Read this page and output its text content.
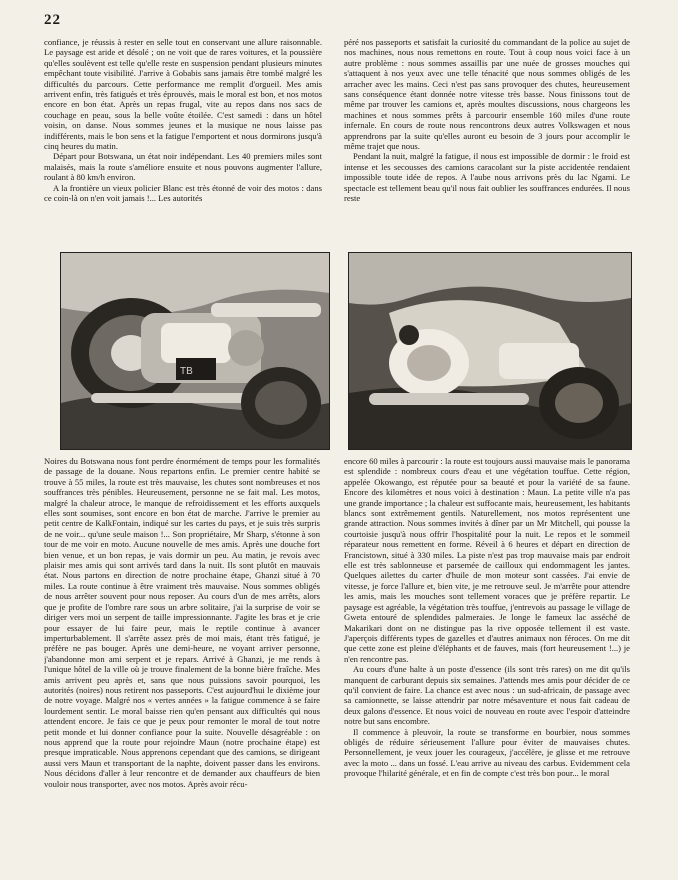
22

confiance, je réussis à rester en selle tout en conservant une allure raisonnable. Le paysage est aride et désolé ; on ne voit que de rares voitures, et la poussière qu'elles soulèvent est telle qu'elle reste en suspension pendant plusieurs minutes empêchant toute visibilité. J'arrive à Gobabis sans jamais être tombé malgré les difficultés du parcours. Cette performance me remplit d'orgueil. Mes amis arrivent enfin, très fatigués et très éprouvés, mais le moral est bon, et nos motos encore en bon état. Après un repas frugal, vite au repos dans nos sacs de couchage en peau, sous la belle voûte étoilée. C'est samedi : dans un hôtel voisin, on danse. Nous sommes jeunes et la musique ne nous laisse pas indifférents, mais le bon sens et la fatigue l'emportent et nous dormirons jusqu'à cinq heures du matin.

Départ pour Botswana, un état noir indépendant. Les 40 premiers miles sont malaisés, mais la route s'améliore ensuite et nous pouvons augmenter l'allure, roulant à 80 km/h environ.

A la frontière un vieux policier Blanc est très étonné de voir des motos : dans ce coin-là on n'en voit jamais !... Les autorités

péré nos passeports et satisfait la curiosité du commandant de la police au sujet de nos machines, nous nous remettons en route. Tout à coup nous voici face à un autre problème : nous sommes assaillis par une nuée de grosses mouches qui s'attaquent à nos yeux avec une telle ténacité que nous sommes obligés de les arracher avec les mains. Ceci n'est pas sans provoquer des chutes, heureusement sans conséquence étant donnée notre vitesse très basse. Nous finissons tout de même par trouver les camions et, après moultes discussions, nous chargeons les machines et nous sommes prêts à parcourir ensemble 160 miles d'une route infernale. En cours de route nous rencontrons deux autres Volkswagen et nous apprendrons par la suite qu'elles auront eu besoin de 3 jours pour accomplir le même trajet que nous.

Pendant la nuit, malgré la fatigue, il nous est impossible de dormir : le froid est intense et les secousses des camions caracolant sur la piste accidentée rendaient impossible toute idée de repos. A l'aube nous arrivons près du lac Ngami. Le spectacle est tellement beau qu'il nous fait oublier les souffrances endurées. Il nous reste

TB

Noires du Botswana nous font perdre énormément de temps pour les formalités de passage de la douane. Nous repartons enfin. Le premier centre habité se trouve à 55 miles, la route est très mauvaise, les chutes sont nombreuses et nos souffrances très pénibles. Heureusement, personne ne se fait mal. Les motos, malgré la chaleur atroce, le manque de refroidissement et les efforts auxquels elles sont soumises, sont encore en bon état de marche. J'arrive le premier au petit centre de KalkFontain, indiqué sur les cartes du pays, et je suis très surpris de ne voir... qu'une seule maison !... Son propriétaire, Mr Sharp, s'étonne à son tour de me voir en moto. Aucune nouvelle de mes amis. Après une douche fort bien venue, et un bon repas, je vais dormir un peu. Au matin, je revois avec plaisir mes amis qui sont arrivés tard dans la nuit. Ils sont plutôt en mauvais état. Nous partons en direction de notre prochaine étape, Ghanzi situé à 70 miles. La route continue à être vraiment très mauvaise. Nous sommes obligés de nous arrêter souvent pour nous reposer. Au cours d'un de mes arrêts, alors que je profite de l'ombre rare sous un arbre solitaire, j'ai la surprise de voir se diriger vers moi un serpent de taille impressionnante. J'agite les bras et je crie pour essayer de lui faire peur, mais le reptile continue à avancer imperturbablement. Il s'arrête assez près de moi mais, étant très fatigué, je préfère ne pas bouger. Après une demi-heure, ne voyant arriver personne, j'abandonne mon ami serpent et je repars. Arrivé à Ghanzi, je me rends à l'unique hôtel de la ville où je trouve finalement de la bonne bière fraîche. Mes amis arrivent peu après et, sans que nous puissions savoir pourquoi, les autorités (noires) nous retirent nos passeports. C'est aujourd'hui le dixième jour de notre voyage. Malgré nos « vertes années » la fatigue commence à se faire lourdement sentir. Le moral baisse rien qu'en pensant aux difficultés qui nous attendent encore. Je fais ce que je peux pour remonter le moral de tout notre petit monde et lui donner confiance pour la suite. Nouvelle désagréable : on nous apprend que la route pour rejoindre Maun (notre prochaine étape) est presque impraticable. Nous apprenons cependant que des camions, se dirigeant aussi vers Maun et transportant de la naphte, doivent passer dans les environs. Nous décidons d'aller à leur rencontre et de demander aux chauffeurs de bien vouloir nous transporter, avec nos motos. Après avoir récu-

encore 60 miles à parcourir : la route est toujours aussi mauvaise mais le panorama est splendide : nombreux cours d'eau et une végétation touffue. Cette région, appelée Okowango, est réputée pour sa beauté et pour la variété de sa faune. Encore des kilomètres et nous voici à destination : Maun. La petite ville n'a pas une grande importance ; la chaleur est suffocante mais, heureusement, les habitants blancs sont extrêmement gentils. Naturellement, nos motos représentent une grande attraction. Nous sommes invités à dîner par un Mr Mitchell, qui pousse la courtoisie jusqu'à nous offrir l'hospitalité pour la nuit. Le repos et le sommeil réparateur nous remettent en forme. Réveil à 6 heures et départ en direction de Francistown, situé à 330 miles. La piste n'est pas trop mauvaise mais par endroit elle est très sablonneuse et parsemée de cailloux qui endommagent les jantes. Quelques ailettes du carter d'huile de mon moteur sont cassées. J'ai envie de vitesse, je force l'allure et, bien vite, je me retrouve seul. Je m'arrête pour attendre les amis, mais les mouches sont tellement voraces que je préfère repartir. Le paysage est agréable, la végétation très touffue, j'entrevois au passage le village de Gweta entouré de splendides palmeraies. Je longe le fameux lac asséché de Makarikari dont on ne distingue pas la rive opposée tellement il est vaste. J'aperçois différents types de gazelles et d'autres animaux non féroces. On me dit que cette zone est pleine d'éléphants et de fauves, mais (fort heureusement !...) je n'en rencontre pas.

Au cours d'une halte à un poste d'essence (ils sont très rares) on me dit qu'ils manquent de carburant depuis six semaines. J'attends mes amis pour décider de ce qu'il convient de faire. La chance est avec nous : un sud-africain, de passage avec sa camionnette, se laisse attendrir par notre mésaventure et nous fait cadeau de deux galons d'essence. Et nous voici de nouveau en route avec l'espoir d'atteindre notre but sans encombre.

Il commence à pleuvoir, la route se transforme en bourbier, nous sommes obligés de réduire sérieusement l'allure pour éviter de mauvaises chutes. Personnellement, je veux jouer les courageux, j'accélère, je glisse et me retrouve avec la moto ... dans un fossé. L'eau arrive au niveau des carbus. Evidemment cela provoque l'hilarité générale, et en fin de compte c'est très bon pour... le moral
